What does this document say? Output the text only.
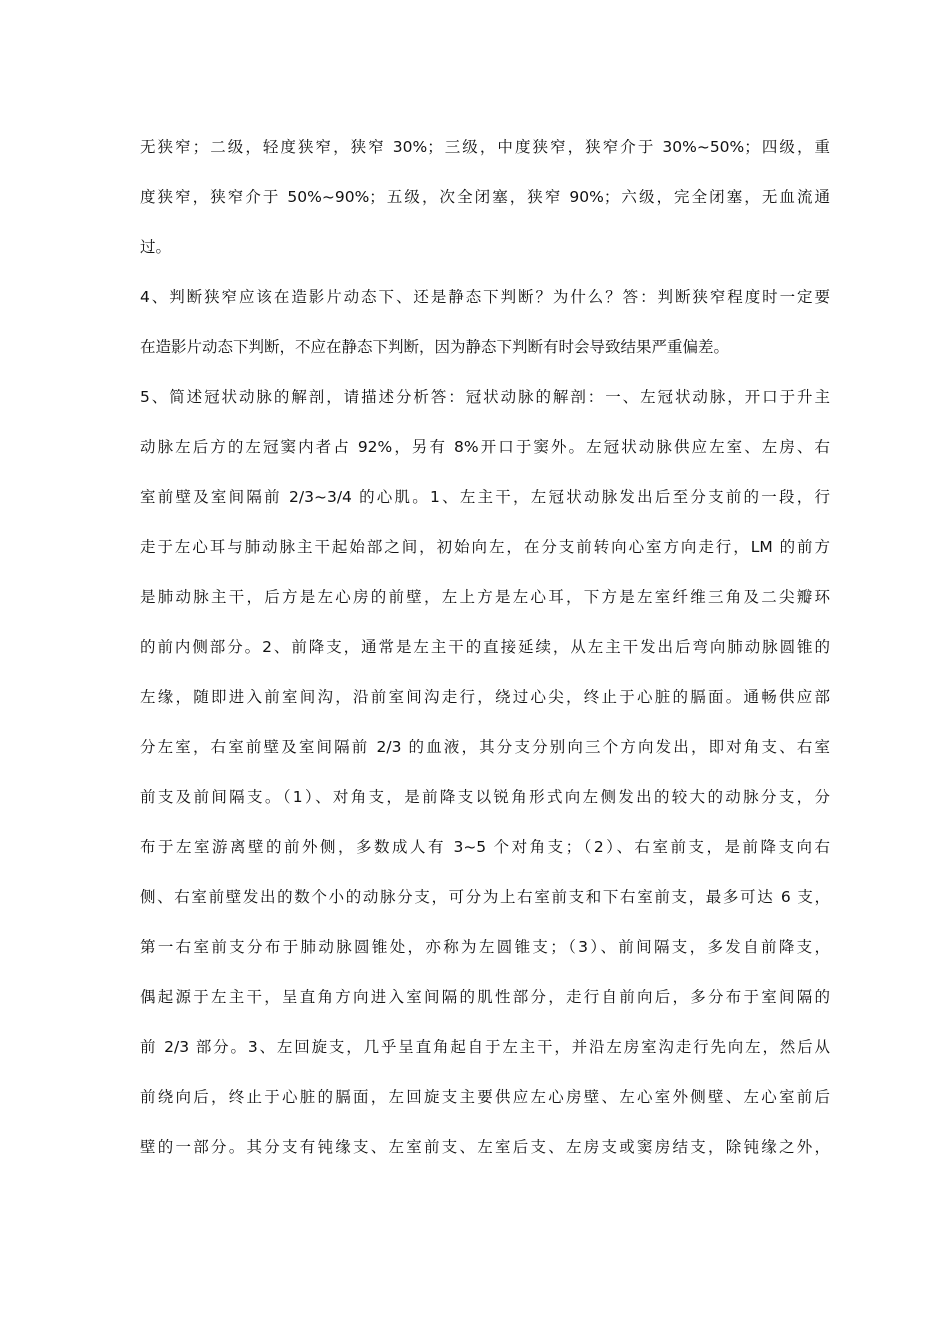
无狭窄；二级，轻度狭窄，狭窄 30%；三级，中度狭窄，狭窄介于 30%~50%；四级，重
度狭窄，狭窄介于 50%~90%；五级，次全闭塞，狭窄 90%；六级，完全闭塞，无血流通
过。
4、判断狭窄应该在造影片动态下、还是静态下判断？为什么？答：判断狭窄程度时一定要
在造影片动态下判断，不应在静态下判断，因为静态下判断有时会导致结果严重偏差。
5、简述冠状动脉的解剖，请描述分析答：冠状动脉的解剖：一、左冠状动脉，开口于升主
动脉左后方的左冠窦内者占 92%，另有 8%开口于窦外。左冠状动脉供应左室、左房、右
室前壁及室间隔前 2/3~3/4 的心肌。1、左主干，左冠状动脉发出后至分支前的一段，行
走于左心耳与肺动脉主干起始部之间，初始向左，在分支前转向心室方向走行，LM 的前方
是肺动脉主干，后方是左心房的前壁，左上方是左心耳，下方是左室纤维三角及二尖瓣环
的前内侧部分。2、前降支，通常是左主干的直接延续，从左主干发出后弯向肺动脉圆锥的
左缘，随即进入前室间沟，沿前室间沟走行，绕过心尖，终止于心脏的膈面。通畅供应部
分左室，右室前壁及室间隔前 2/3 的血液，其分支分别向三个方向发出，即对角支、右室
前支及前间隔支。（1）、对角支，是前降支以锐角形式向左侧发出的较大的动脉分支，分
布于左室游离壁的前外侧，多数成人有 3~5 个对角支；（2）、右室前支，是前降支向右
侧、右室前壁发出的数个小的动脉分支，可分为上右室前支和下右室前支，最多可达 6 支，
第一右室前支分布于肺动脉圆锥处，亦称为左圆锥支；（3）、前间隔支，多发自前降支，
偶起源于左主干，呈直角方向进入室间隔的肌性部分，走行自前向后，多分布于室间隔的
前 2/3 部分。3、左回旋支，几乎呈直角起自于左主干，并沿左房室沟走行先向左，然后从
前绕向后，终止于心脏的膈面，左回旋支主要供应左心房壁、左心室外侧壁、左心室前后
壁的一部分。其分支有钝缘支、左室前支、左室后支、左房支或窦房结支，除钝缘之外，
